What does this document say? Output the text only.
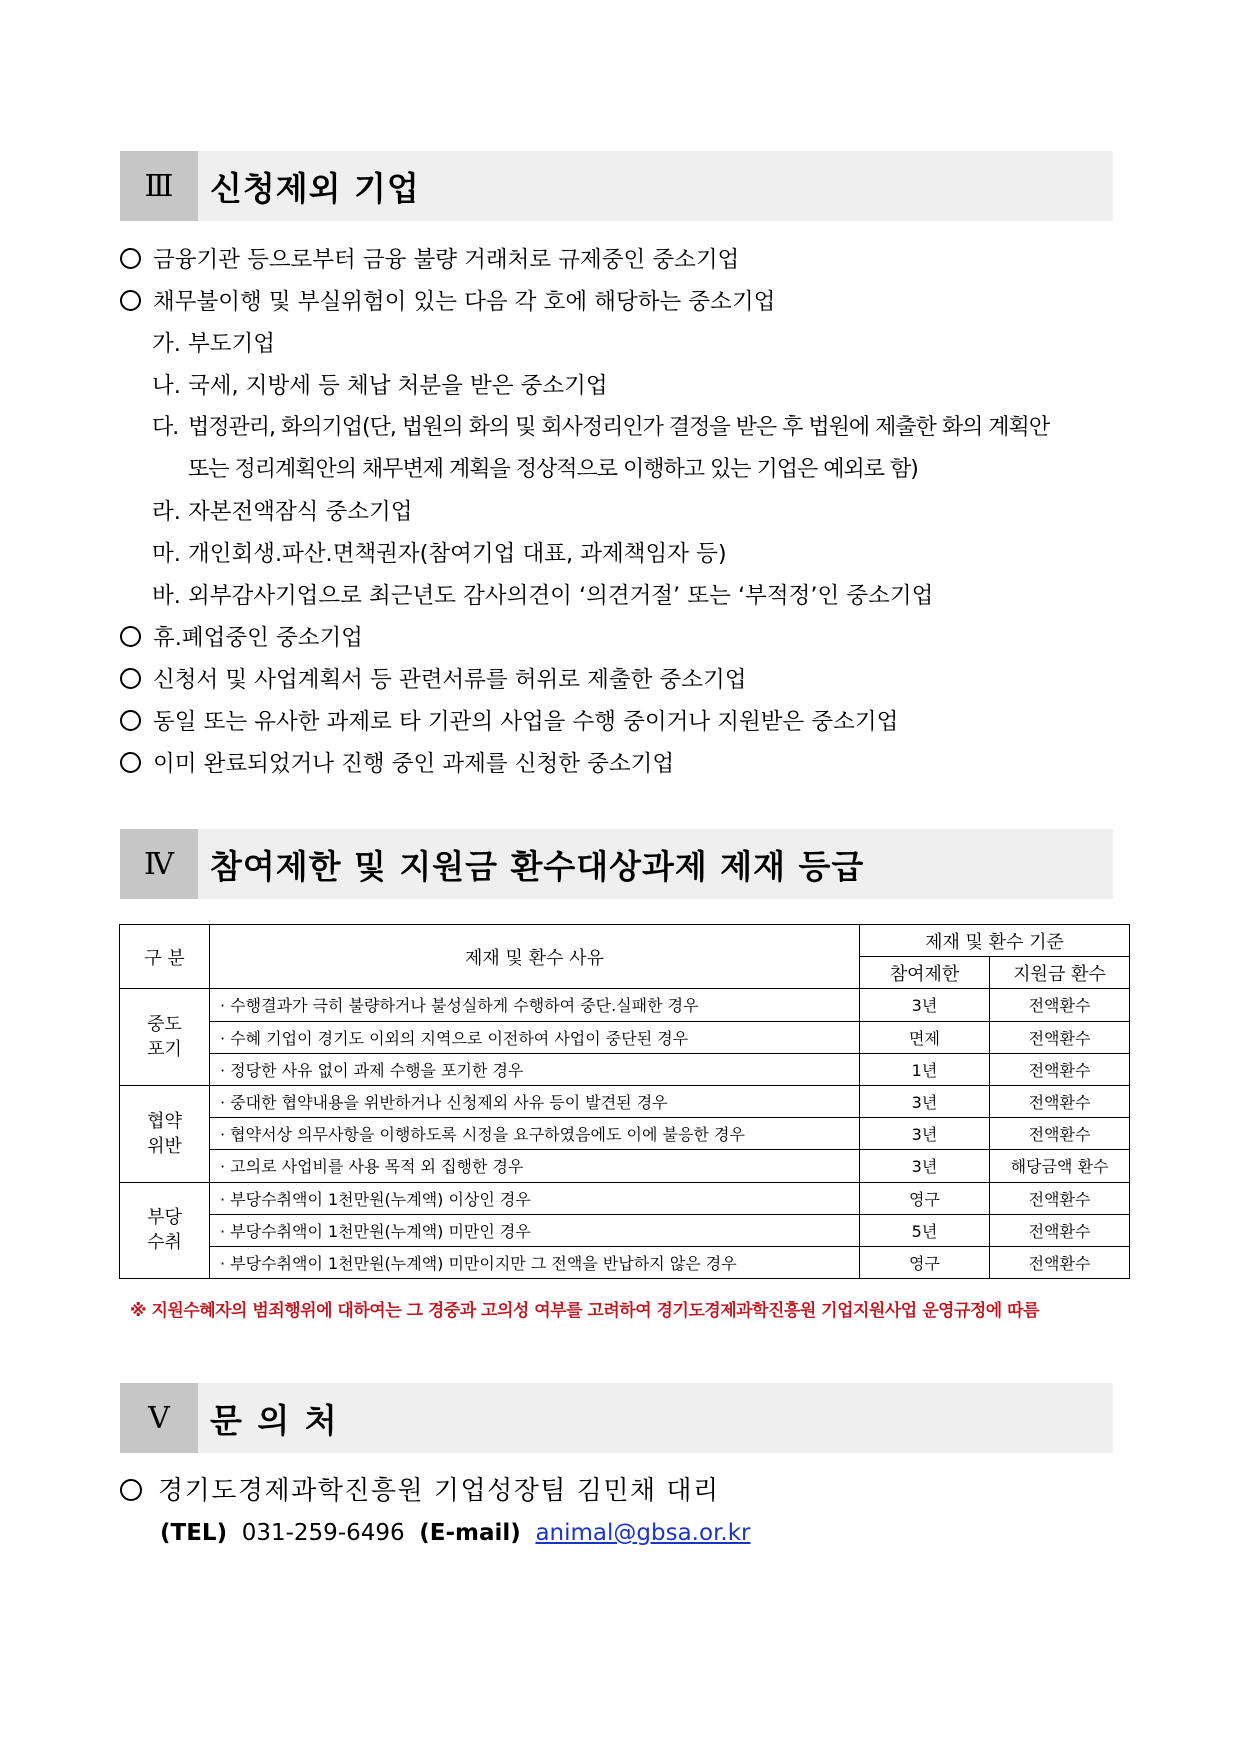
Ⅲ	신청제외 기업
금융기관 등으로부터 금융 불량 거래처로 규제중인 중소기업
채무불이행 및 부실위험이 있는 다음 각 호에 해당하는 중소기업
가. 부도기업
나. 국세, 지방세 등 체납 처분을 받은 중소기업
다. 법정관리, 화의기업(단, 법원의 화의 및 회사정리인가 결정을 받은 후 법원에 제출한 화의 계획안
또는 정리계획안의 채무변제 계획을 정상적으로 이행하고 있는 기업은 예외로 함)
라. 자본전액잠식 중소기업
마. 개인회생.파산.면책권자(참여기업 대표, 과제책임자 등)
바. 외부감사기업으로 최근년도 감사의견이 ‘의견거절’ 또는 ‘부적정’인 중소기업
휴.폐업중인 중소기업
신청서 및 사업계획서 등 관련서류를 허위로 제출한 중소기업
동일 또는 유사한 과제로 타 기관의 사업을 수행 중이거나 지원받은 중소기업
이미 완료되었거나 진행 중인 과제를 신청한 중소기업
Ⅳ	참여제한 및 지원금 환수대상과제 제재 등급
구 분	제재 및 환수 사유	제재 및 환수 기준	
		참여제한	지원금 환수
중도
포기	· 수행결과가 극히 불량하거나 불성실하게 수행하여 중단.실패한 경우	3년	전액환수
	· 수혜 기업이 경기도 이외의 지역으로 이전하여 사업이 중단된 경우	면제	전액환수
	· 정당한 사유 없이 과제 수행을 포기한 경우	1년	전액환수
협약
위반	· 중대한 협약내용을 위반하거나 신청제외 사유 등이 발견된 경우	3년	전액환수
	· 협약서상 의무사항을 이행하도록 시정을 요구하였음에도 이에 불응한 경우	3년	전액환수
	· 고의로 사업비를 사용 목적 외 집행한 경우	3년	해당금액 환수
부당
수취	· 부당수취액이 1천만원(누계액) 이상인 경우	영구	전액환수
	· 부당수취액이 1천만원(누계액) 미만인 경우	5년	전액환수
	· 부당수취액이 1천만원(누계액) 미만이지만 그 전액을 반납하지 않은 경우	영구	전액환수
※ 지원수혜자의 범죄행위에 대하여는 그 경중과 고의성 여부를 고려하여 경기도경제과학진흥원 기업지원사업 운영규정에 따름
Ⅴ	문 의 처
경기도경제과학진흥원 기업성장팀 김민채 대리
(TEL) 031-259-6496 (E-mail) animal@gbsa.or.kr
